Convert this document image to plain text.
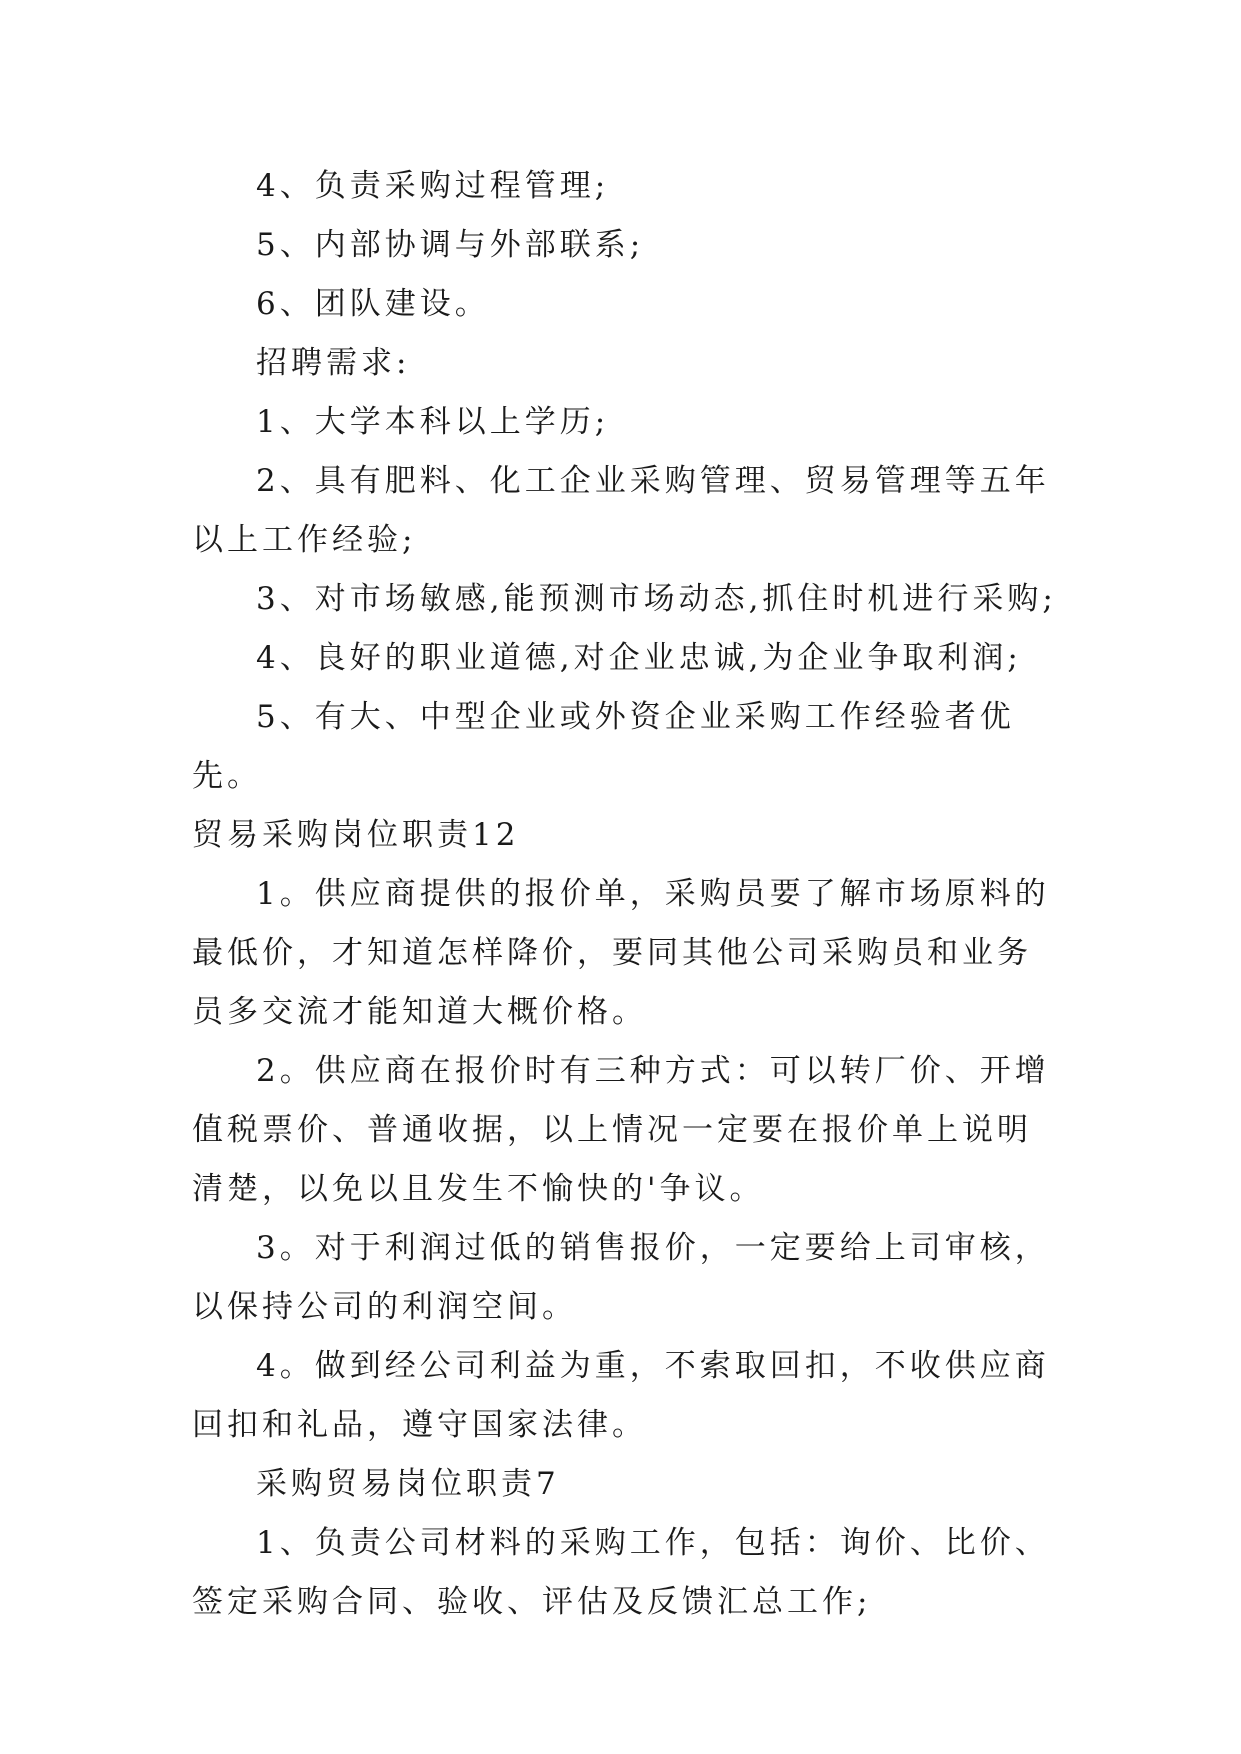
4、负责采购过程管理;

5、内部协调与外部联系;

6、团队建设。

招聘需求:

1、大学本科以上学历;

2、具有肥料、化工企业采购管理、贸易管理等五年以上工作经验;

3、对市场敏感,能预测市场动态,抓住时机进行采购;

4、良好的职业道德,对企业忠诚,为企业争取利润;

5、有大、中型企业或外资企业采购工作经验者优先。

贸易采购岗位职责12

1。供应商提供的报价单，采购员要了解市场原料的最低价，才知道怎样降价，要同其他公司采购员和业务员多交流才能知道大概价格。

2。供应商在报价时有三种方式：可以转厂价、开增值税票价、普通收据，以上情况一定要在报价单上说明清楚，以免以且发生不愉快的'争议。

3。对于利润过低的销售报价，一定要给上司审核，以保持公司的利润空间。

4。做到经公司利益为重，不索取回扣，不收供应商回扣和礼品，遵守国家法律。

采购贸易岗位职责7

1、负责公司材料的采购工作，包括：询价、比价、签定采购合同、验收、评估及反馈汇总工作;
